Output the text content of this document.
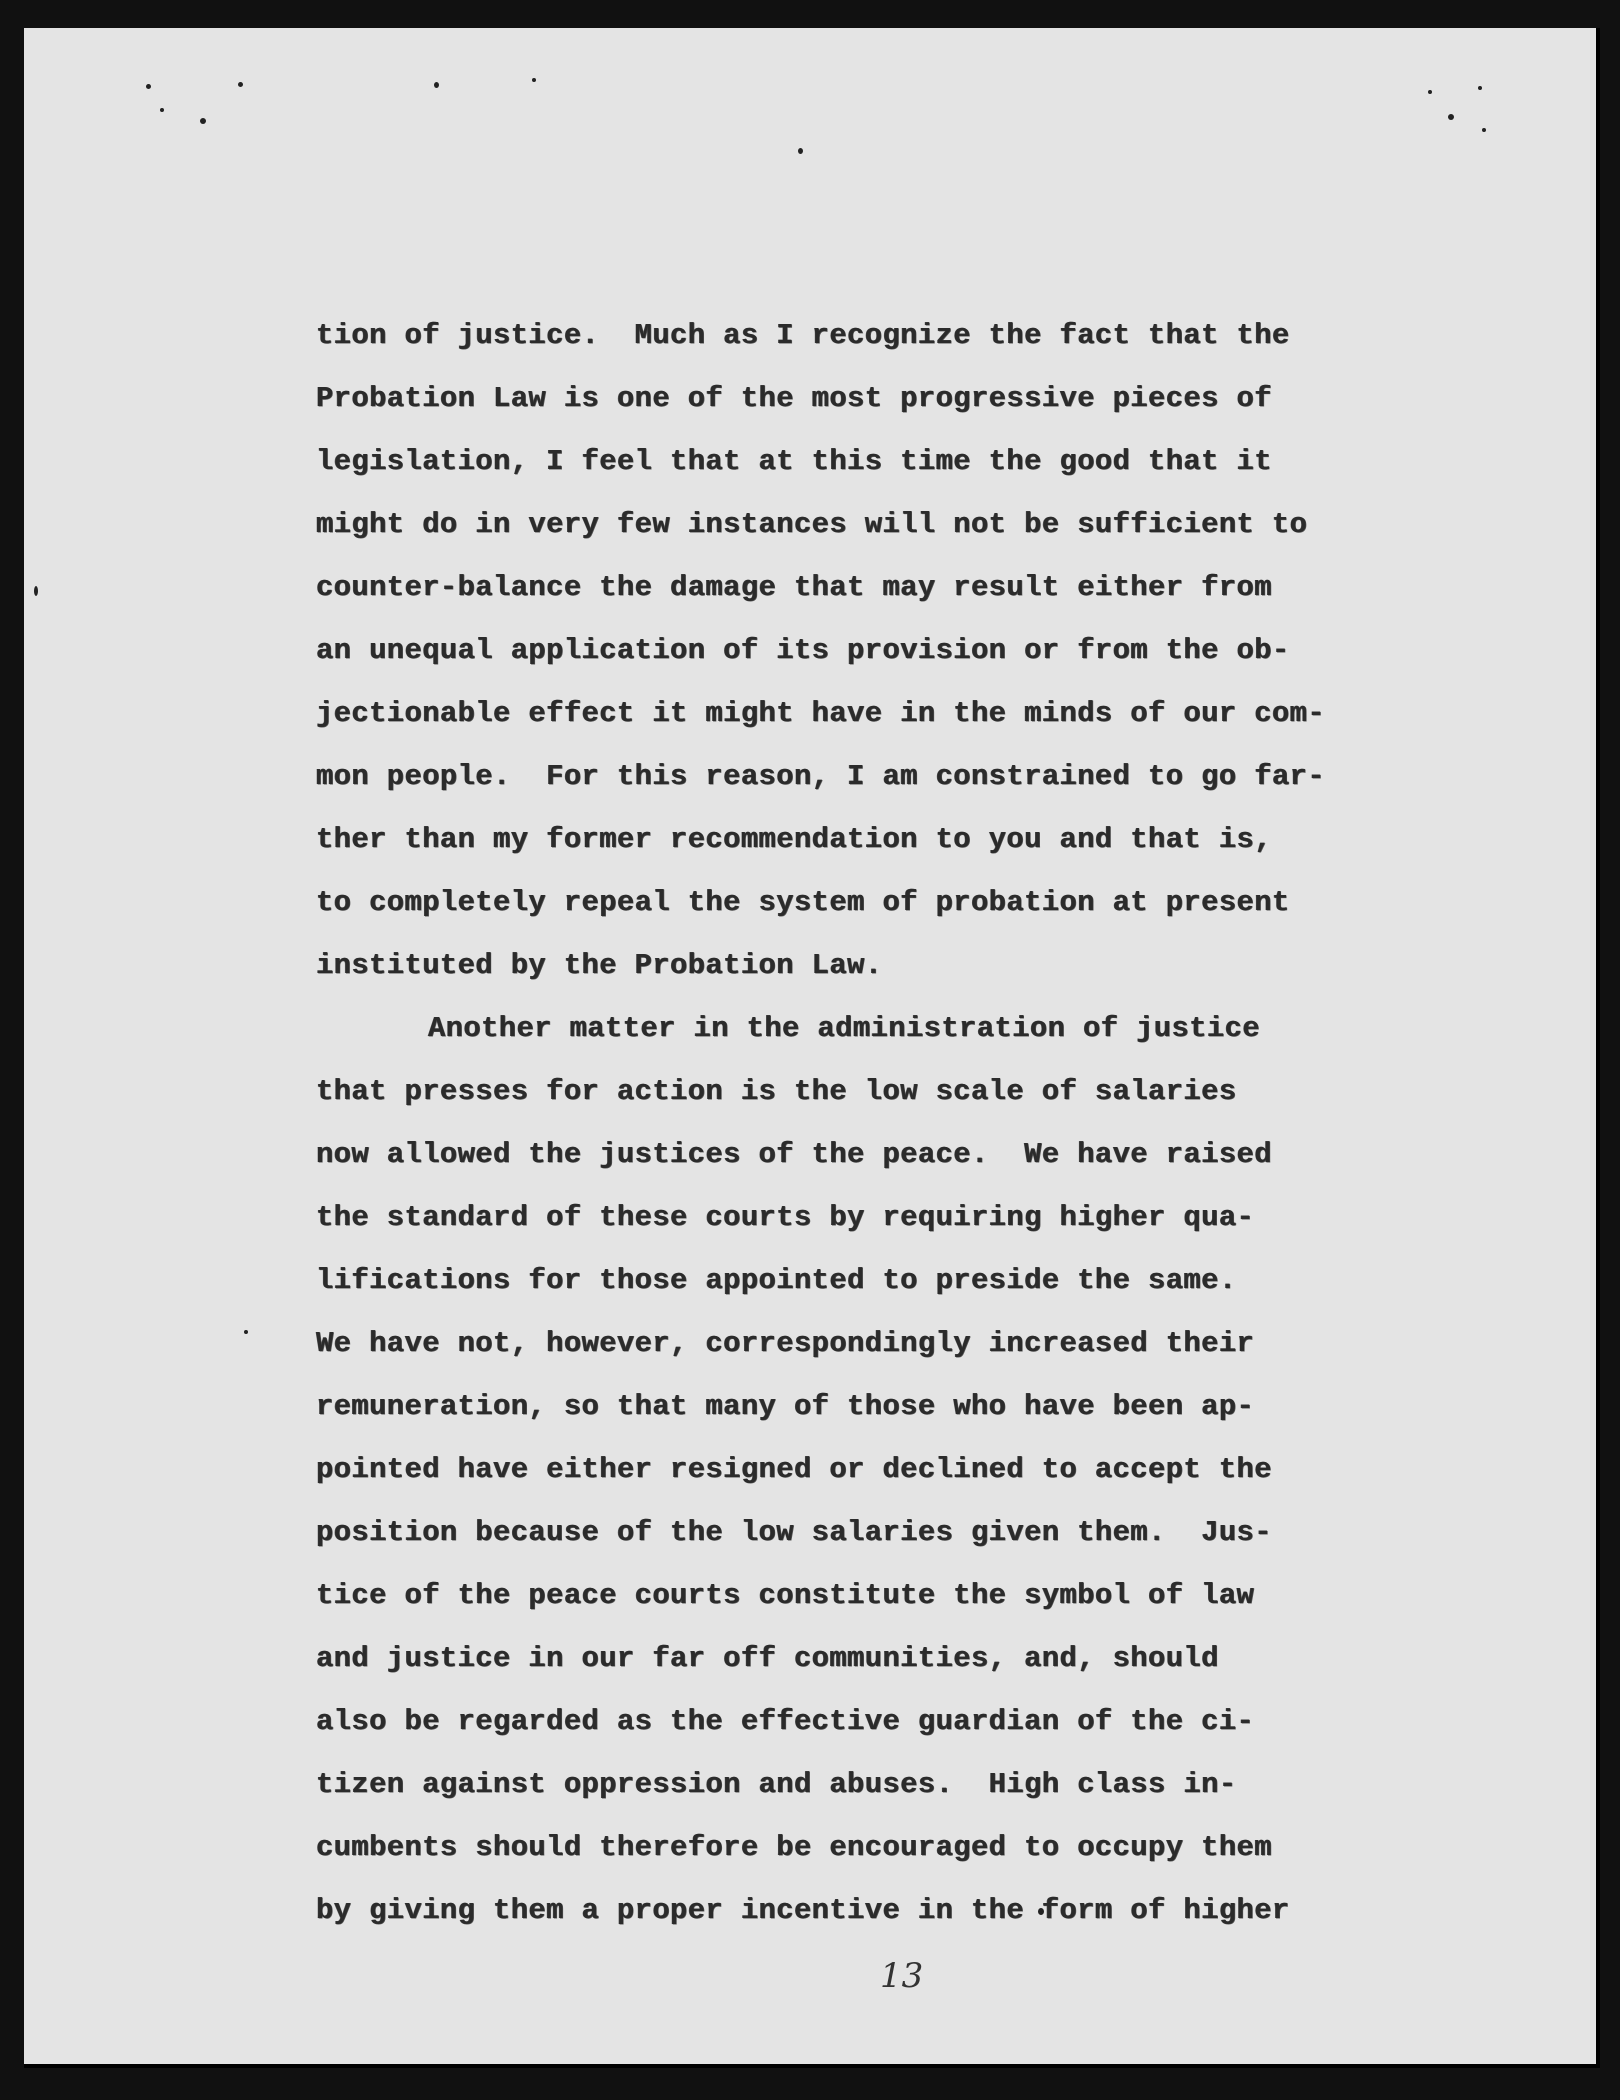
tion of justice.  Much as I recognize the fact that the
Probation Law is one of the most progressive pieces of
legislation, I feel that at this time the good that it
might do in very few instances will not be sufficient to
counter-balance the damage that may result either from
an unequal application of its provision or from the ob-
jectionable effect it might have in the minds of our com-
mon people.  For this reason, I am constrained to go far-
ther than my former recommendation to you and that is,
to completely repeal the system of probation at present
instituted by the Probation Law.
Another matter in the administration of justice
that presses for action is the low scale of salaries
now allowed the justices of the peace.  We have raised
the standard of these courts by requiring higher qua-
lifications for those appointed to preside the same.
We have not, however, correspondingly increased their
remuneration, so that many of those who have been ap-
pointed have either resigned or declined to accept the
position because of the low salaries given them.  Jus-
tice of the peace courts constitute the symbol of law
and justice in our far off communities, and, should
also be regarded as the effective guardian of the ci-
tizen against oppression and abuses.  High class in-
cumbents should therefore be encouraged to occupy them
by giving them a proper incentive in the form of higher
13
